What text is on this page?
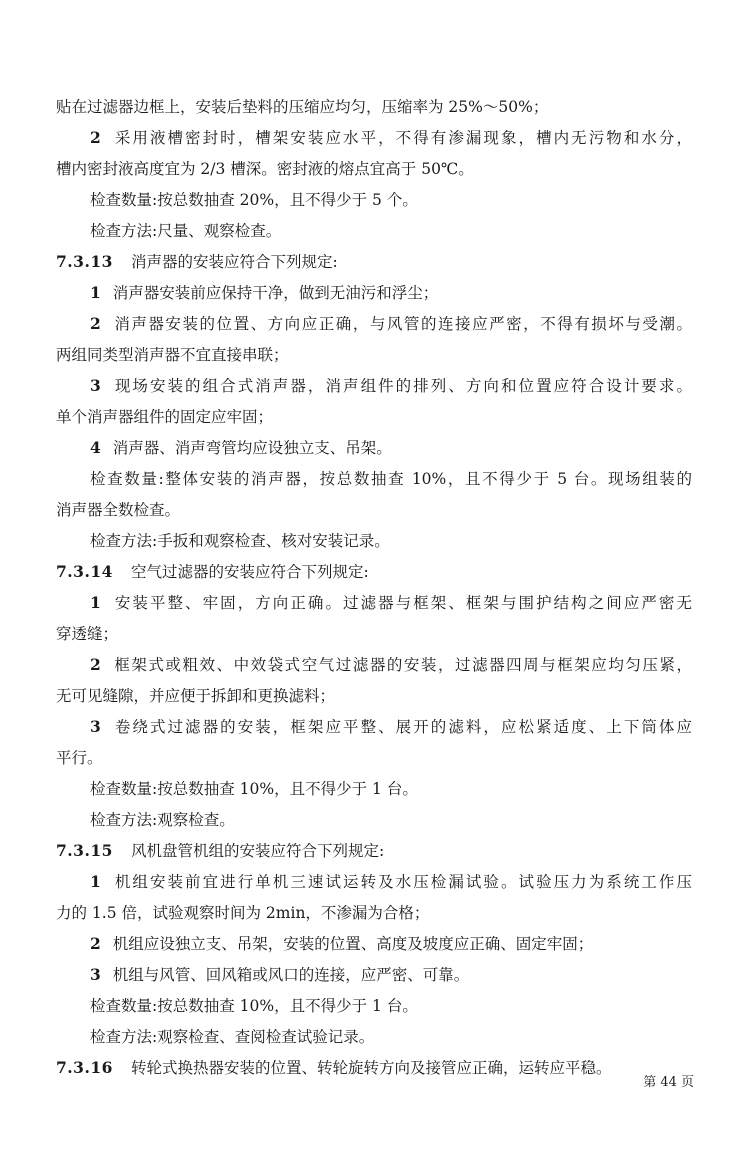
贴在过滤器边框上，安装后垫料的压缩应均匀，压缩率为 25%～50%；
2 采用液槽密封时，槽架安装应水平，不得有渗漏现象，槽内无污物和水分，
槽内密封液高度宜为 2/3 槽深。密封液的熔点宜高于 50℃。
检查数量:按总数抽查 20%，且不得少于 5 个。
检查方法:尺量、观察检查。
7.3.13 消声器的安装应符合下列规定:
1 消声器安装前应保持干净，做到无油污和浮尘；
2 消声器安装的位置、方向应正确，与风管的连接应严密，不得有损坏与受潮。
两组同类型消声器不宜直接串联；
3 现场安装的组合式消声器，消声组件的排列、方向和位置应符合设计要求。
单个消声器组件的固定应牢固；
4 消声器、消声弯管均应设独立支、吊架。
检查数量:整体安装的消声器，按总数抽查 10%，且不得少于 5 台。现场组装的
消声器全数检查。
检查方法:手扳和观察检查、核对安装记录。
7.3.14 空气过滤器的安装应符合下列规定:
1 安装平整、牢固，方向正确。过滤器与框架、框架与围护结构之间应严密无
穿透缝；
2 框架式或粗效、中效袋式空气过滤器的安装，过滤器四周与框架应均匀压紧，
无可见缝隙，并应便于拆卸和更换滤料；
3 卷绕式过滤器的安装，框架应平整、展开的滤料，应松紧适度、上下筒体应
平行。
检查数量:按总数抽查 10%，且不得少于 1 台。
检查方法:观察检查。
7.3.15 风机盘管机组的安装应符合下列规定:
1 机组安装前宜进行单机三速试运转及水压检漏试验。试验压力为系统工作压
力的 1.5 倍，试验观察时间为 2min，不渗漏为合格；
2 机组应设独立支、吊架，安装的位置、高度及坡度应正确、固定牢固；
3 机组与风管、回风箱或风口的连接，应严密、可靠。
检查数量:按总数抽查 10%，且不得少于 1 台。
检查方法:观察检查、查阅检查试验记录。
7.3.16 转轮式换热器安装的位置、转轮旋转方向及接管应正确，运转应平稳。
第 44 页
